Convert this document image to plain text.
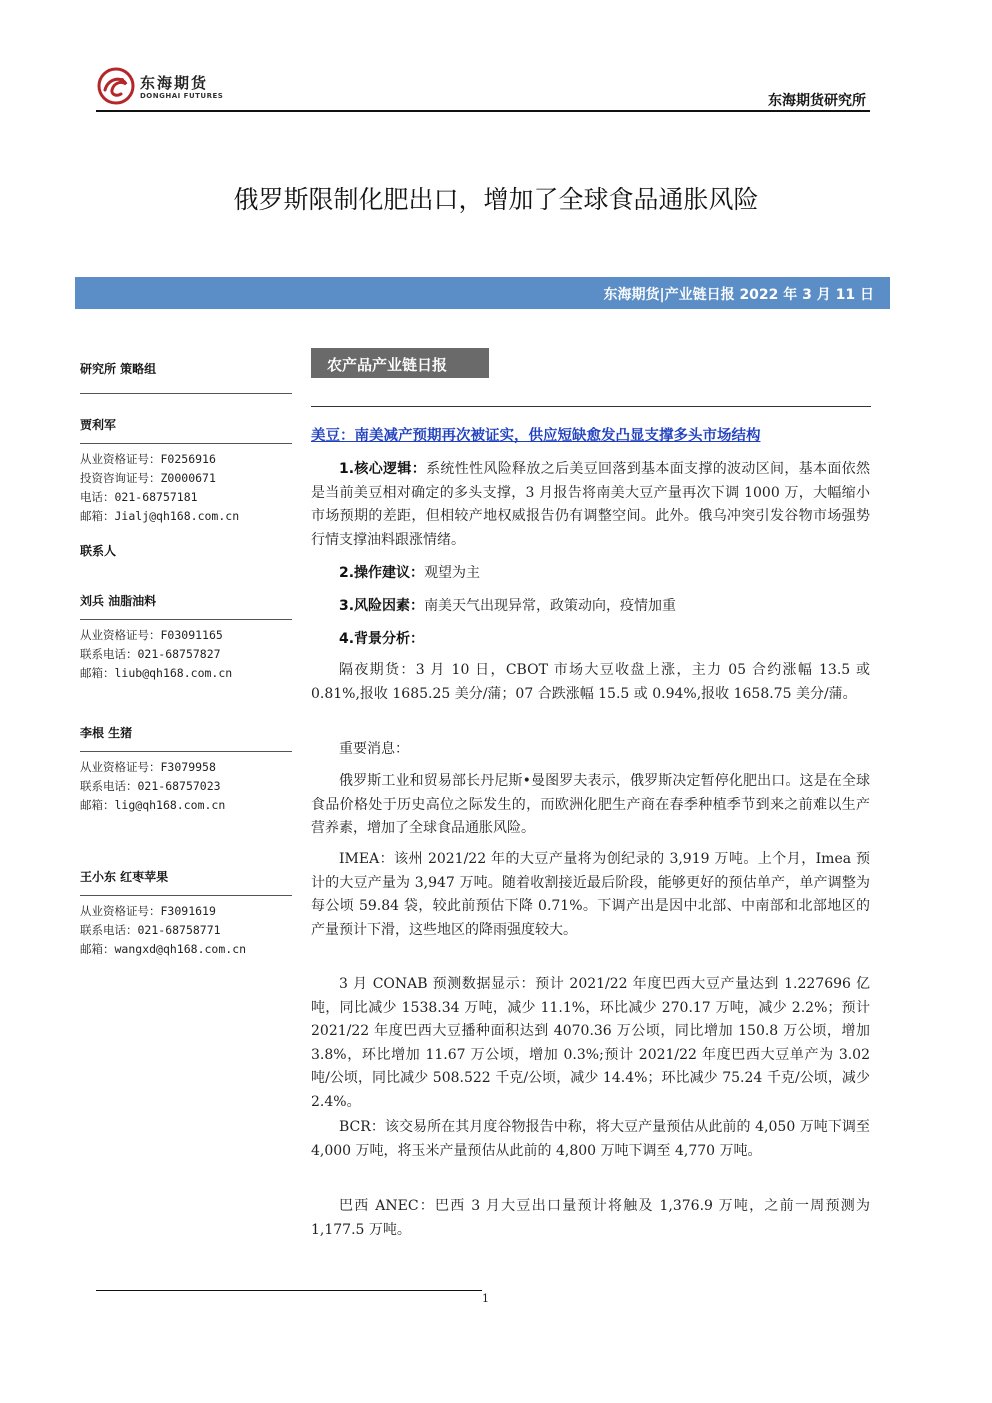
东海期货
DONGHAI FUTURES	东海期货研究所
俄罗斯限制化肥出口，增加了全球食品通胀风险
东海期货|产业链日报 2022 年 3 月 11 日
研究所 策略组
贾利军
从业资格证号：F0256916
投资咨询证号：Z0000671
电话：021-68757181
邮箱：Jialj@qh168.com.cn
联系人
刘兵 油脂油料
从业资格证号：F03091165
联系电话：021-68757827
邮箱：liub@qh168.com.cn
李根 生猪
从业资格证号：F3079958
联系电话：021-68757023
邮箱：lig@qh168.com.cn
王小东 红枣苹果
从业资格证号：F3091619
联系电话：021-68758771
邮箱：wangxd@qh168.com.cn
农产品产业链日报
美豆：南美减产预期再次被证实，供应短缺愈发凸显支撑多头市场结构

1.核心逻辑：系统性性风险释放之后美豆回落到基本面支撑的波动区间，基本面依然是当前美豆相对确定的多头支撑，3 月报告将南美大豆产量再次下调 1000 万，大幅缩小市场预期的差距，但相较产地权威报告仍有调整空间。此外。俄乌冲突引发谷物市场强势行情支撑油料跟涨情绪。

2.操作建议：观望为主

3.风险因素：南美天气出现异常，政策动向，疫情加重

4.背景分析：

隔夜期货：3 月 10 日，CBOT 市场大豆收盘上涨，主力 05 合约涨幅 13.5 或 0.81%,报收 1685.25 美分/蒲；07 合跌涨幅 15.5 或 0.94%,报收 1658.75 美分/蒲。

重要消息：

俄罗斯工业和贸易部长丹尼斯•曼图罗夫表示，俄罗斯决定暂停化肥出口。这是在全球食品价格处于历史高位之际发生的，而欧洲化肥生产商在春季种植季节到来之前难以生产营养素，增加了全球食品通胀风险。

IMEA：该州 2021/22 年的大豆产量将为创纪录的 3,919 万吨。上个月，Imea 预计的大豆产量为 3,947 万吨。随着收割接近最后阶段，能够更好的预估单产，单产调整为每公顷 59.84 袋，较此前预估下降 0.71%。下调产出是因中北部、中南部和北部地区的产量预计下滑，这些地区的降雨强度较大。

3 月 CONAB 预测数据显示：预计 2021/22 年度巴西大豆产量达到 1.227696 亿吨，同比减少 1538.34 万吨，减少 11.1%，环比减少 270.17 万吨，减少 2.2%；预计 2021/22 年度巴西大豆播种面积达到 4070.36 万公顷，同比增加 150.8 万公顷，增加 3.8%，环比增加 11.67 万公顷，增加 0.3%;预计 2021/22 年度巴西大豆单产为 3.02 吨/公顷，同比减少 508.522 千克/公顷，减少 14.4%；环比减少 75.24 千克/公顷，减少 2.4%。

BCR：该交易所在其月度谷物报告中称，将大豆产量预估从此前的 4,050 万吨下调至 4,000 万吨，将玉米产量预估从此前的 4,800 万吨下调至 4,770 万吨。

巴西 ANEC：巴西 3 月大豆出口量预计将触及 1,376.9 万吨，之前一周预测为 1,177.5 万吨。

1
